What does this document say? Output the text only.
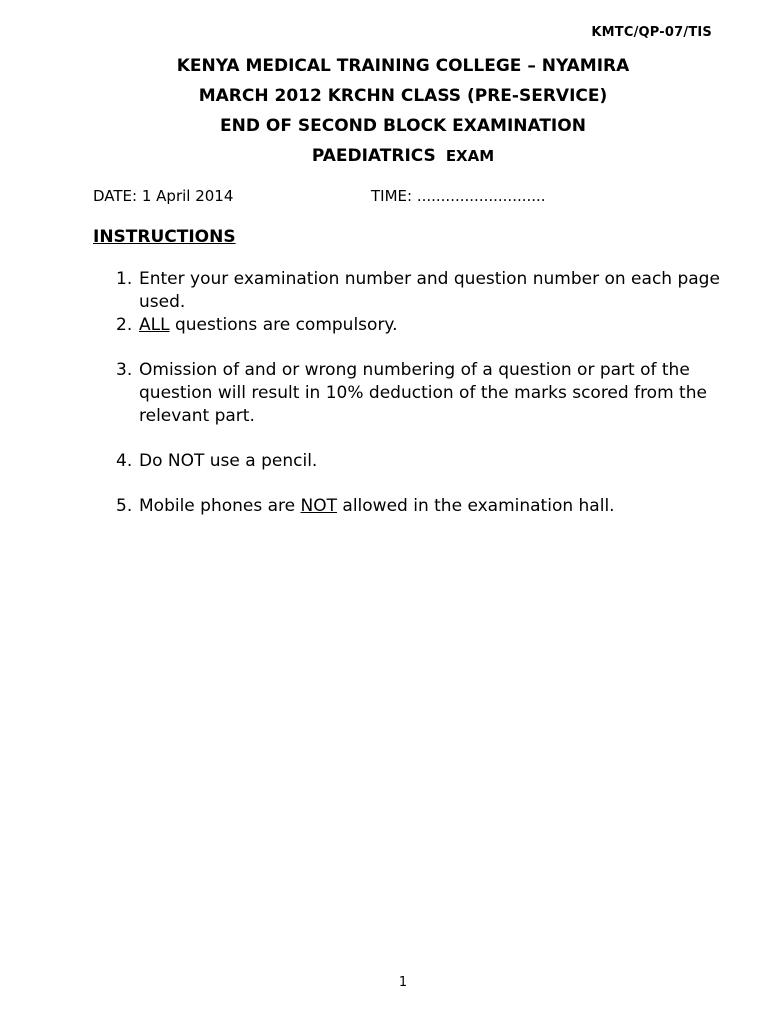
KMTC/QP-07/TIS
KENYA MEDICAL TRAINING COLLEGE – NYAMIRA
MARCH 2012 KRCHN CLASS (PRE-SERVICE)
END OF SECOND BLOCK EXAMINATION
PAEDIATRICS EXAM
DATE: 1 April 2014	TIME: ...........................
INSTRUCTIONS
1. Enter your examination number and question number on each page used.
2. ALL questions are compulsory.
3. Omission of and or wrong numbering of a question or part of the question will result in 10% deduction of the marks scored from the relevant part.
4. Do NOT use a pencil.
5. Mobile phones are NOT allowed in the examination hall.
1
